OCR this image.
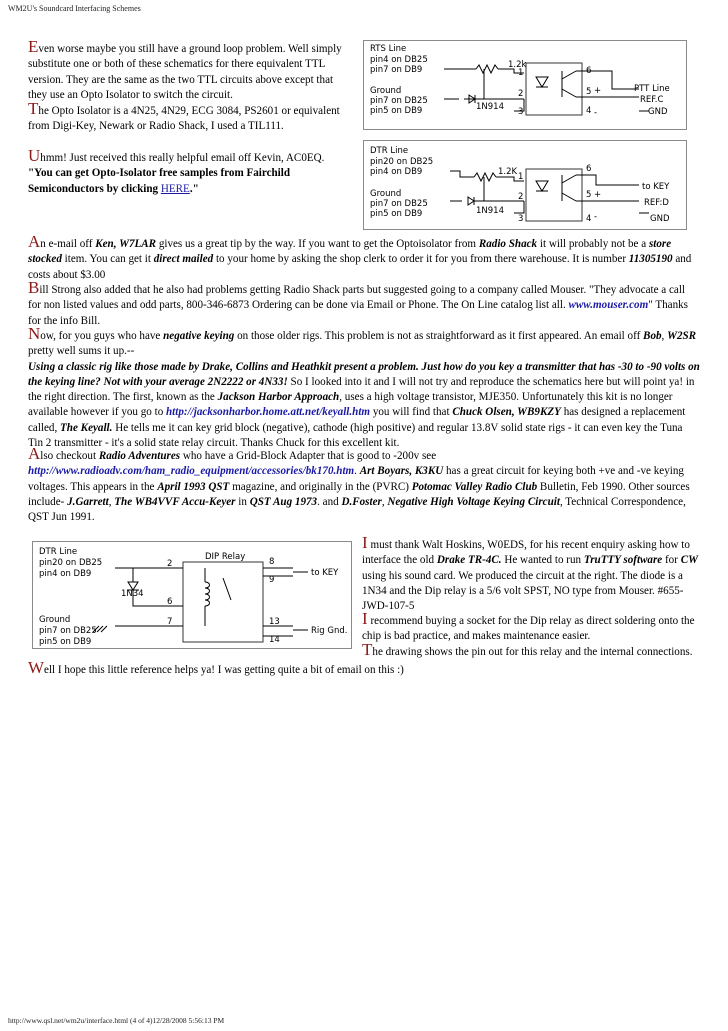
WM2U's Soundcard Interfacing Schemes
Even worse maybe you still have a ground loop problem. Well simply substitute one or both of these schematics for there equivalent TTL version. They are the same as the two TTL circuits above except that they use an Opto Isolator to switch the circuit.
The Opto Isolator is a 4N25, 4N29, ECG 3084, PS2601 or equivalent from Digi-Key, Newark or Radio Shack, I used a TIL111.
Uhmm! Just received this really helpful email off Kevin, AC0EQ.
"You can get Opto-Isolator free samples from Fairchild Semiconductors by clicking HERE."
RTS Line
pin4 on DB25
pin7 on DB9
Ground
pin7 on DB25
pin5 on DB9
1.2k
1N914
1
2
3
6
5
4
+
-
PTT Line
REF.C
GND
DTR Line
pin20 on DB25
pin4 on DB9
Ground
pin7 on DB25
pin5 on DB9
1.2K
1N914
1
2
3
6
5
4
+
-
to KEY
REF:D
GND
An e-mail off Ken, W7LAR gives us a great tip by the way. If you want to get the Optoisolator from Radio Shack it will probably not be a store stocked item. You can get it direct mailed to your home by asking the shop clerk to order it for you from there warehouse. It is number 11305190 and costs about $3.00
Bill Strong also added that he also had problems getting Radio Shack parts but suggested going to a company called Mouser. "They advocate a call for non listed values and odd parts, 800-346-6873 Ordering can be done via Email or Phone. The On Line catalog list all. www.mouser.com" Thanks for the info Bill.
Now, for you guys who have negative keying on those older rigs. This problem is not as straightforward as it first appeared. An email off Bob, W2SR pretty well sums it up.--
Using a classic rig like those made by Drake, Collins and Heathkit present a problem. Just how do you key a transmitter that has -30 to -90 volts on the keying line? Not with your average 2N2222 or 4N33! So I looked into it and I will not try and reproduce the schematics here but will point ya! in the right direction. The first, known as the Jackson Harbor Approach, uses a high voltage transistor, MJE350. Unfortunately this kit is no longer available however if you go to http://jacksonharbor.home.att.net/keyall.htm you will find that Chuck Olsen, WB9KZY has designed a replacement called, The Keyall. He tells me it can key grid block (negative), cathode (high positive) and regular 13.8V solid state rigs - it can even key the Tuna Tin 2 transmitter - it's a solid state relay circuit. Thanks Chuck for this excellent kit.
Also checkout Radio Adventures who have a Grid-Block Adapter that is good to -200v see http://www.radioadv.com/ham_radio_equipment/accessories/bk170.htm. Art Boyars, K3KU has a great circuit for keying both +ve and -ve keying voltages. This appears in the April 1993 QST magazine, and originally in the (PVRC) Potomac Valley Radio Club Bulletin, Feb 1990. Other sources include- J.Garrett, The WB4VVF Accu-Keyer in QST Aug 1973. and D.Foster, Negative High Voltage Keying Circuit, Technical Correspondence, QST Jun 1991.
DTR Line
pin20 on DB25
pin4 on DB9
Ground
pin7 on DB25
pin5 on DB9
DIP Relay
1N34
2
6
7
8
9
13
14
to KEY
Rig Gnd.
I must thank Walt Hoskins, W0EDS, for his recent enquiry asking how to interface the old Drake TR-4C. He wanted to run TruTTY software for CW using his sound card. We produced the circuit at the right. The diode is a 1N34 and the Dip relay is a 5/6 volt SPST, NO type from Mouser. #655-JWD-107-5
I recommend buying a socket for the Dip relay as direct soldering onto the chip is bad practice, and makes maintenance easier.
The drawing shows the pin out for this relay and the internal connections.
Well I hope this little reference helps ya! I was getting quite a bit of email on this :)
http://www.qsl.net/wm2u/interface.html (4 of 4)12/28/2008 5:56:13 PM
